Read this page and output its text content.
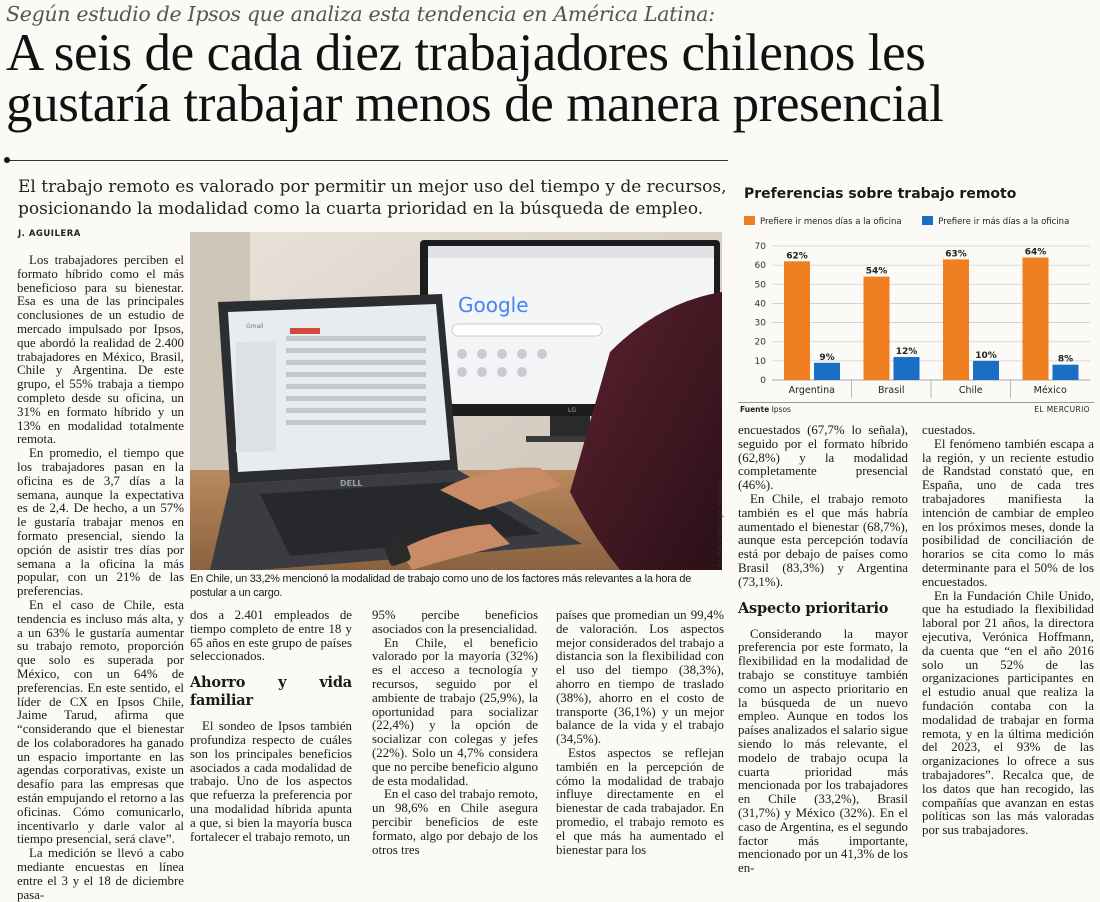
Según estudio de Ipsos que analiza esta tendencia en América Latina:
A seis de cada diez trabajadores chilenos les
gustaría trabajar menos de manera presencial
El trabajo remoto es valorado por permitir un mejor uso del tiempo y de recursos,
posicionando la modalidad como la cuarta prioridad en la búsqueda de empleo.
J. AGUILERA

Los trabajadores perciben el formato híbrido como el más beneficioso para su bienestar. Esa es una de las principales conclusiones de un estudio de mercado impulsado por Ipsos, que abordó la realidad de 2.400 trabajadores en México, Brasil, Chile y Argentina. De este grupo, el 55% trabaja a tiempo completo desde su oficina, un 31% en formato híbrido y un 13% en modalidad totalmente remota.

En promedio, el tiempo que los trabajadores pasan en la oficina es de 3,7 días a la semana, aunque la expectativa es de 2,4. De hecho, a un 57% le gustaría trabajar menos en formato presencial, siendo la opción de asistir tres días por semana a la oficina la más popular, con un 21% de las preferencias.

En el caso de Chile, esta tendencia es incluso más alta, y a un 63% le gustaría aumentar su trabajo remoto, proporción que solo es superada por México, con un 64% de preferencias. En este sentido, el líder de CX en Ipsos Chile, Jaime Tarud, afirma que “considerando que el bienestar de los colaboradores ha ganado un espacio importante en las agendas corporativas, existe un desafío para las empresas que están empujando el retorno a las oficinas. Cómo comunicarlo, incentivarlo y darle valor al tiempo presencial, será clave”.

La medición se llevó a cabo mediante encuestas en línea entre el 3 y el 18 de diciembre pasa-

Google
LG
Gmail
DELL	ELISA VERDEJO SINSAY
En Chile, un 33,2% mencionó la modalidad de trabajo como uno de los factores más relevantes a la hora de postular a un cargo.

dos a 2.401 empleados de tiempo completo de entre 18 y 65 años en este grupo de países seleccionados.

Ahorro y vida familiar

El sondeo de Ipsos también profundiza respecto de cuáles son los principales beneficios asociados a cada modalidad de trabajo. Uno de los aspectos que refuerza la preferencia por una modalidad híbrida apunta a que, si bien la mayoría busca fortalecer el trabajo remoto, un

95% percibe beneficios asociados con la presencialidad.

En Chile, el beneficio valorado por la mayoría (32%) es el acceso a tecnología y recursos, seguido por el ambiente de trabajo (25,9%), la oportunidad para socializar (22,4%) y la opción de socializar con colegas y jefes (22%). Solo un 4,7% considera que no percibe beneficio alguno de esta modalidad.

En el caso del trabajo remoto, un 98,6% en Chile asegura percibir beneficios de este formato, algo por debajo de los otros tres

países que promedian un 99,4% de valoración. Los aspectos mejor considerados del trabajo a distancia son la flexibilidad con el uso del tiempo (38,3%), ahorro en tiempo de traslado (38%), ahorro en el costo de transporte (36,1%) y un mejor balance de la vida y el trabajo (34,5%).

Estos aspectos se reflejan también en la percepción de cómo la modalidad de trabajo influye directamente en el bienestar de cada trabajador. En promedio, el trabajo remoto es el que más ha aumentado el bienestar para los

Preferencias sobre trabajo remoto
Prefiere ir menos días a la oficina	Prefiere ir más días a la oficina
0
10
20
30
40
50
60
70
62%
54%
63%	64%
9%
12%	10%	8%
Argentina	Brasil	Chile	México
Fuente Ipsos	EL MERCURIO

encuestados (67,7% lo señala), seguido por el formato híbrido (62,8%) y la modalidad completamente presencial (46%).

En Chile, el trabajo remoto también es el que más habría aumentado el bienestar (68,7%), aunque esta percepción todavía está por debajo de países como Brasil (83,3%) y Argentina (73,1%).

Aspecto prioritario

Considerando la mayor preferencia por este formato, la flexibilidad en la modalidad de trabajo se constituye también como un aspecto prioritario en la búsqueda de un nuevo empleo. Aunque en todos los países analizados el salario sigue siendo lo más relevante, el modelo de trabajo ocupa la cuarta prioridad más mencionada por los trabajadores en Chile (33,2%), Brasil (31,7%) y México (32%). En el caso de Argentina, es el segundo factor más importante, mencionado por un 41,3% de los en-

cuestados.

El fenómeno también escapa a la región, y un reciente estudio de Randstad constató que, en España, uno de cada tres trabajadores manifiesta la intención de cambiar de empleo en los próximos meses, donde la posibilidad de conciliación de horarios se cita como lo más determinante para el 50% de los encuestados.

En la Fundación Chile Unido, que ha estudiado la flexibilidad laboral por 21 años, la directora ejecutiva, Verónica Hoffmann, da cuenta que “en el año 2016 solo un 52% de las organizaciones participantes en el estudio anual que realiza la fundación contaba con la modalidad de trabajar en forma remota, y en la última medición del 2023, el 93% de las organizaciones lo ofrece a sus trabajadores”. Recalca que, de los datos que han recogido, las compañías que avanzan en estas políticas son las más valoradas por sus trabajadores.
